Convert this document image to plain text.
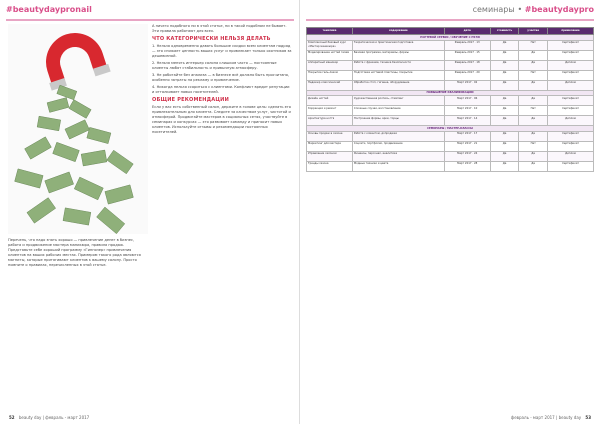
#beautydaypronail
Перечень, что надо знать хорошо — привлечение денег в бизнес, работа и продвижение мастера маникюра, правила продаж. Представьте себе хороший программу «Гипнозер» привлечения клиентов на ваших рабочих местах. Примером такого рода являются магниты, которые притягивают клиентов к вашему салону. Просто помните о правилах, перечисленных в этой статье.

А ничего подобного ни в этой статье, ни в такой подобном не бывает. Эти правила работают для всех.

ЧТО КАТЕГОРИЧЕСКИ НЕЛЬЗЯ ДЕЛАТЬ

1. Нельзя одновременно давать большие скидки всем клиентам подряд — это снижает ценность ваших услуг и привлекает только охотников за дешевизной.

2. Нельзя менять интерьер салона слишком часто — постоянные клиенты любят стабильность и привычную атмосферу.

3. Не работайте без анализа — в бизнесе всё должно быть просчитано, особенно затраты на рекламу и привлечение.

4. Никогда нельзя ссориться с клиентами. Конфликт вредит репутации и отталкивает новых посетителей.

ОБЩИЕ РЕКОМЕНДАЦИИ

Если у вас есть собственный салон, держите в голове цель: сделать его привлекательным для клиента. Следите за качеством услуг, чистотой и атмосферой. Продвигайте мастеров в социальных сетях, участвуйте в семинарах и конкурсах — это развивает команду и приносит новых клиентов. Используйте отзывы и рекомендации постоянных посетителей.

52 beauty day | февраль - март 2017
семинары • #beautydaypro
тематика	содержание	дата	стоимость	участие	примечание
НОГТЕВОЙ СЕРВИС / ОБУЧЕНИЕ С НУЛЯ					
Комплексный базовый курс «Мастер маникюра»	Теоретическая и практическая подготовка	Февраль 2017 · 13	Да	Нет	Сертификат
Моделирование ногтей гелем	Базовая программа, материалы, формы	Февраль 2017 · 15	Да	Да	Сертификат
Аппаратный маникюр	Работа с фрезами, техника безопасности	Февраль 2017 · 18	Да	Да	Диплом
Покрытие гель-лаком	Подготовка ногтевой пластины, покрытие	Февраль 2017 · 20	Да	Нет	Сертификат
Педикюр классический	Обработка стоп, гигиена, оборудование	Март 2017 · 02	Да	Да	Диплом
ПОВЫШЕНИЕ КВАЛИФИКАЦИИ					
Дизайн ногтей	Художественная роспись, стемпинг	Март 2017 · 06	Да	Да	Сертификат
Коррекция и ремонт	Сложные случаи, восстановление	Март 2017 · 10	Да	Нет	Сертификат
Архитектура ногтя	Построение формы, арки, торцы	Март 2017 · 14	Да	Да	Диплом
СЕМИНАРЫ / МАСТЕР-КЛАССЫ					
Основы продаж в салоне	Работа с клиентом, допродажи	Март 2017 · 17	Да	Да	Сертификат
Маркетинг для мастера	Соцсети, портфолио, продвижение	Март 2017 · 21	Да	Нет	Сертификат
Управление салоном	Финансы, персонал, аналитика	Март 2017 · 24	Да	Да	Диплом
Тренды сезона	Модные техники и цвета	Март 2017 · 28	Да	Да	Сертификат
февраль - март 2017 | beauty day 53
